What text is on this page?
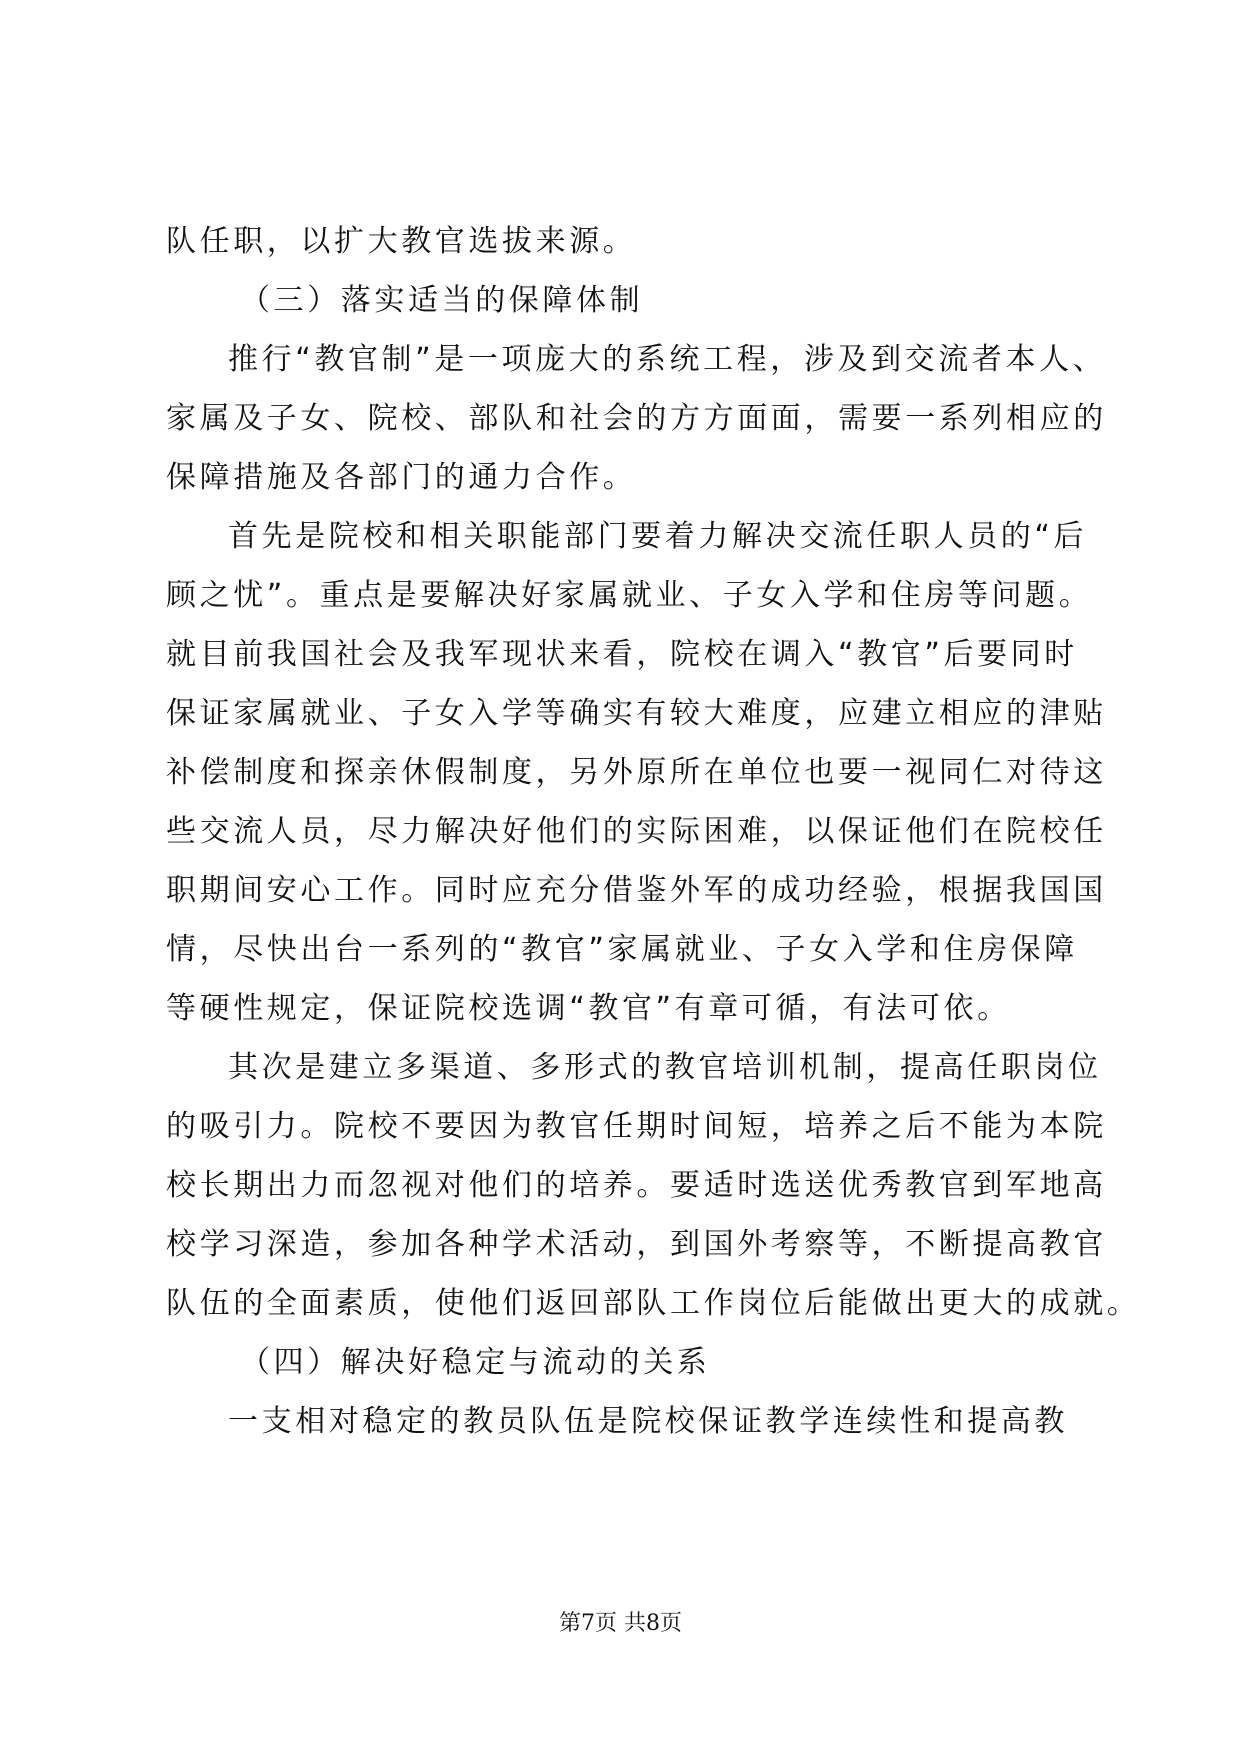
队任职，以扩大教官选拔来源。

（三）落实适当的保障体制

推行“教官制”是一项庞大的系统工程，涉及到交流者本人、

家属及子女、院校、部队和社会的方方面面，需要一系列相应的

保障措施及各部门的通力合作。

首先是院校和相关职能部门要着力解决交流任职人员的“后

顾之忧”。重点是要解决好家属就业、子女入学和住房等问题。

就目前我国社会及我军现状来看，院校在调入“教官”后要同时

保证家属就业、子女入学等确实有较大难度，应建立相应的津贴

补偿制度和探亲休假制度，另外原所在单位也要一视同仁对待这

些交流人员，尽力解决好他们的实际困难，以保证他们在院校任

职期间安心工作。同时应充分借鉴外军的成功经验，根据我国国

情，尽快出台一系列的“教官”家属就业、子女入学和住房保障

等硬性规定，保证院校选调“教官”有章可循，有法可依。

其次是建立多渠道、多形式的教官培训机制，提高任职岗位

的吸引力。院校不要因为教官任期时间短，培养之后不能为本院

校长期出力而忽视对他们的培养。要适时选送优秀教官到军地高

校学习深造，参加各种学术活动，到国外考察等，不断提高教官

队伍的全面素质，使他们返回部队工作岗位后能做出更大的成就。

（四）解决好稳定与流动的关系

一支相对稳定的教员队伍是院校保证教学连续性和提高教

第7页 共8页
